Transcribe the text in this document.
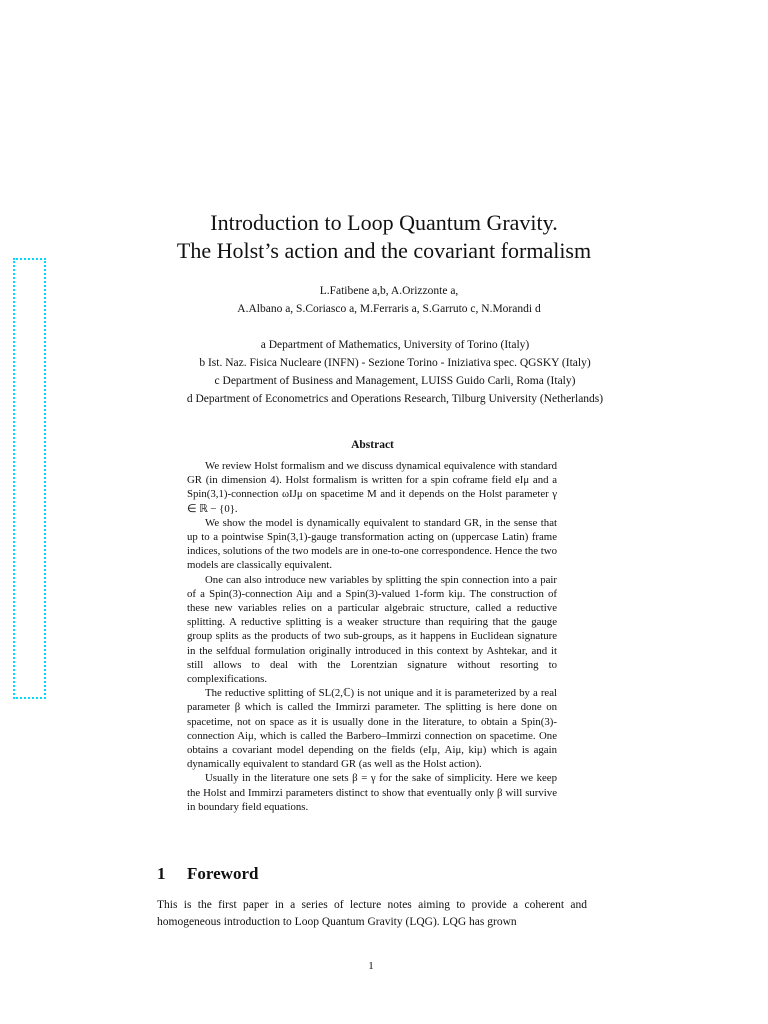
Introduction to Loop Quantum Gravity.
The Holst’s action and the covariant formalism
L.Fatibene a,b, A.Orizzonte a,
A.Albano a, S.Coriasco a, M.Ferraris a, S.Garruto c, N.Morandi d
a Department of Mathematics, University of Torino (Italy)
b Ist. Naz. Fisica Nucleare (INFN) - Sezione Torino - Iniziativa spec. QGSKY (Italy)
c Department of Business and Management, LUISS Guido Carli, Roma (Italy)
d Department of Econometrics and Operations Research, Tilburg University (Netherlands)
Abstract

We review Holst formalism and we discuss dynamical equivalence with standard GR (in dimension 4). Holst formalism is written for a spin coframe field eIμ and a Spin(3,1)-connection ωIJμ on spacetime M and it depends on the Holst parameter γ ∈ ℝ − {0}.

We show the model is dynamically equivalent to standard GR, in the sense that up to a pointwise Spin(3,1)-gauge transformation acting on (uppercase Latin) frame indices, solutions of the two models are in one-to-one correspondence. Hence the two models are classically equivalent.

One can also introduce new variables by splitting the spin connection into a pair of a Spin(3)-connection Aiμ and a Spin(3)-valued 1-form kiμ. The construction of these new variables relies on a particular algebraic structure, called a reductive splitting. A reductive splitting is a weaker structure than requiring that the gauge group splits as the products of two sub-groups, as it happens in Euclidean signature in the selfdual formulation originally introduced in this context by Ashtekar, and it still allows to deal with the Lorentzian signature without resorting to complexifications.

The reductive splitting of SL(2,ℂ) is not unique and it is parameterized by a real parameter β which is called the Immirzi parameter. The splitting is here done on spacetime, not on space as it is usually done in the literature, to obtain a Spin(3)-connection Aiμ, which is called the Barbero–Immirzi connection on spacetime. One obtains a covariant model depending on the fields (eIμ, Aiμ, kiμ) which is again dynamically equivalent to standard GR (as well as the Holst action).

Usually in the literature one sets β = γ for the sake of simplicity. Here we keep the Holst and Immirzi parameters distinct to show that eventually only β will survive in boundary field equations.

1 Foreword
This is the first paper in a series of lecture notes aiming to provide a coherent and homogeneous introduction to Loop Quantum Gravity (LQG). LQG has grown
1
